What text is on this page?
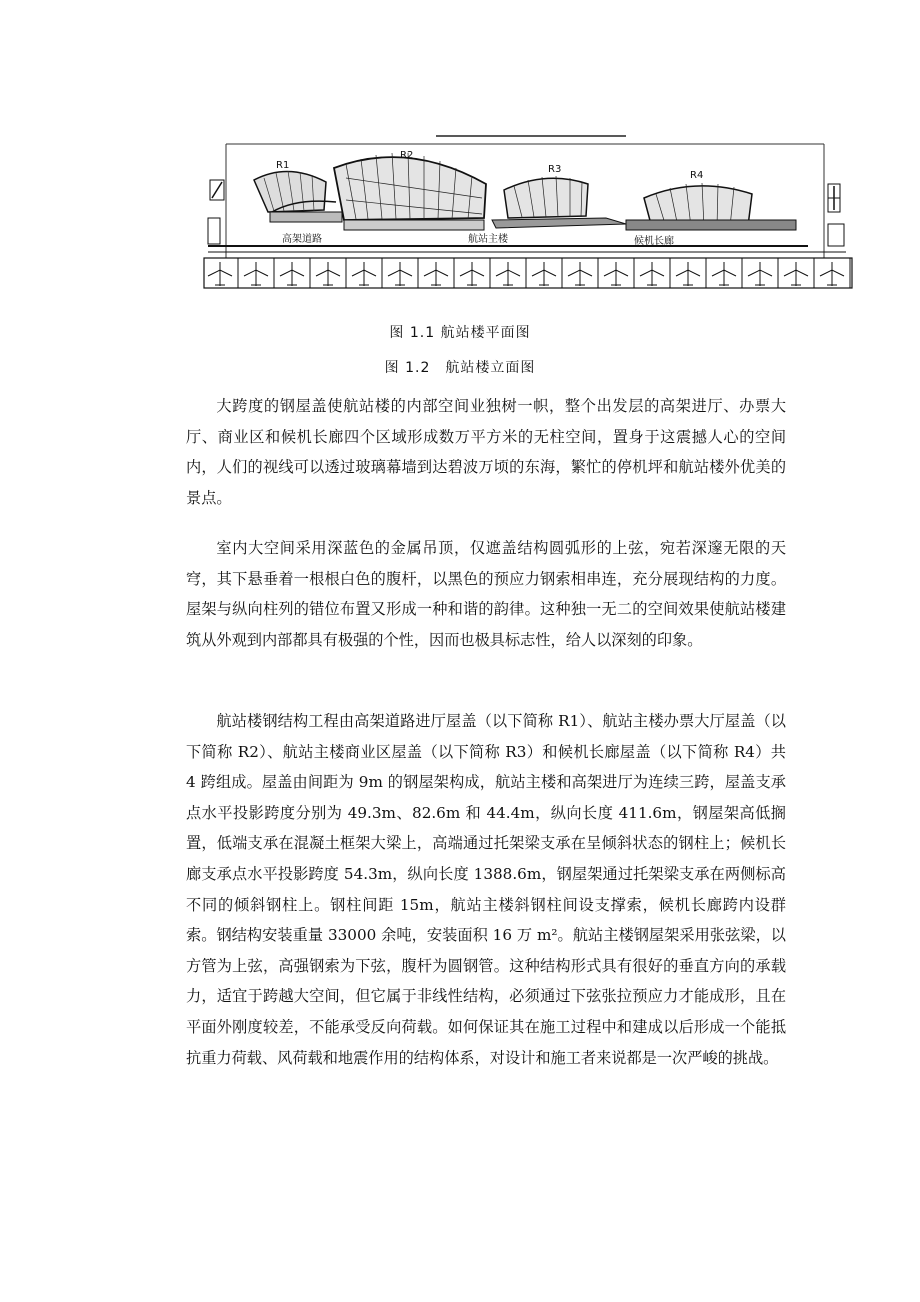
R1
R2
R3
R4
高架道路	航站主楼	候机长廊
图 1.1 航站楼平面图
图 1.2　航站楼立面图

大跨度的钢屋盖使航站楼的内部空间业独树一帜，整个出发层的高架进厅、办票大厅、商业区和候机长廊四个区域形成数万平方米的无柱空间，置身于这震撼人心的空间内，人们的视线可以透过玻璃幕墙到达碧波万顷的东海，繁忙的停机坪和航站楼外优美的景点。

室内大空间采用深蓝色的金属吊顶，仅遮盖结构圆弧形的上弦，宛若深邃无限的天穹，其下悬垂着一根根白色的腹杆，以黑色的预应力钢索相串连，充分展现结构的力度。屋架与纵向柱列的错位布置又形成一种和谐的韵律。这种独一无二的空间效果使航站楼建筑从外观到内部都具有极强的个性，因而也极具标志性，给人以深刻的印象。

航站楼钢结构工程由高架道路进厅屋盖（以下简称 R1）、航站主楼办票大厅屋盖（以下简称 R2）、航站主楼商业区屋盖（以下简称 R3）和候机长廊屋盖（以下简称 R4）共 4 跨组成。屋盖由间距为 9m 的钢屋架构成，航站主楼和高架进厅为连续三跨，屋盖支承点水平投影跨度分别为 49.3m、82.6m 和 44.4m，纵向长度 411.6m，钢屋架高低搁置，低端支承在混凝土框架大梁上，高端通过托架梁支承在呈倾斜状态的钢柱上；候机长廊支承点水平投影跨度 54.3m，纵向长度 1388.6m，钢屋架通过托架梁支承在两侧标高不同的倾斜钢柱上。钢柱间距 15m，航站主楼斜钢柱间设支撑索，候机长廊跨内设群索。钢结构安装重量 33000 余吨，安装面积 16 万 m²。航站主楼钢屋架采用张弦梁，以方管为上弦，高强钢索为下弦，腹杆为圆钢管。这种结构形式具有很好的垂直方向的承载力，适宜于跨越大空间，但它属于非线性结构，必须通过下弦张拉预应力才能成形，且在平面外刚度较差，不能承受反向荷载。如何保证其在施工过程中和建成以后形成一个能抵抗重力荷载、风荷载和地震作用的结构体系，对设计和施工者来说都是一次严峻的挑战。
